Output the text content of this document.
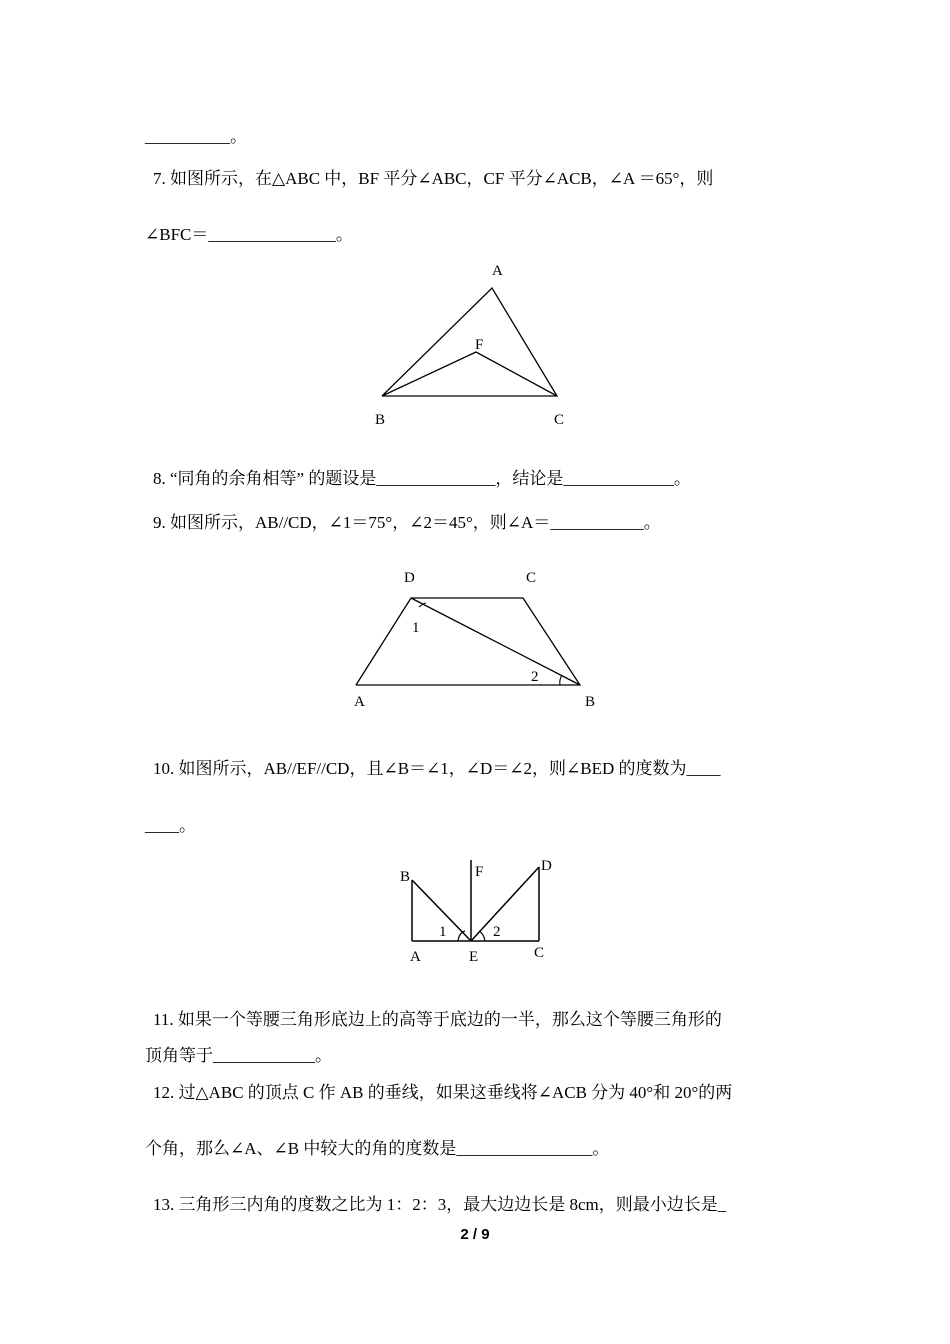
__________。
7. 如图所示，在△ABC 中，BF 平分∠ABC，CF 平分∠ACB，∠A ＝65°，则
∠BFC＝_______________。
A
F
B	C
8. “同角的余角相等” 的题设是______________，结论是_____________。
9. 如图所示，AB//CD，∠1＝75°，∠2＝45°，则∠A＝___________。
D	C
A	B
1
2
10. 如图所示，AB//EF//CD，且∠B＝∠1，∠D＝∠2，则∠BED 的度数为____
____。
B	F	D
A	E	C
1	2
11. 如果一个等腰三角形底边上的高等于底边的一半，那么这个等腰三角形的
顶角等于____________。
12. 过△ABC 的顶点 C 作 AB 的垂线，如果这垂线将∠ACB 分为 40°和 20°的两
个角，那么∠A、∠B 中较大的角的度数是________________。
13. 三角形三内角的度数之比为 1：2：3，最大边边长是 8cm，则最小边长是_
2 / 9
